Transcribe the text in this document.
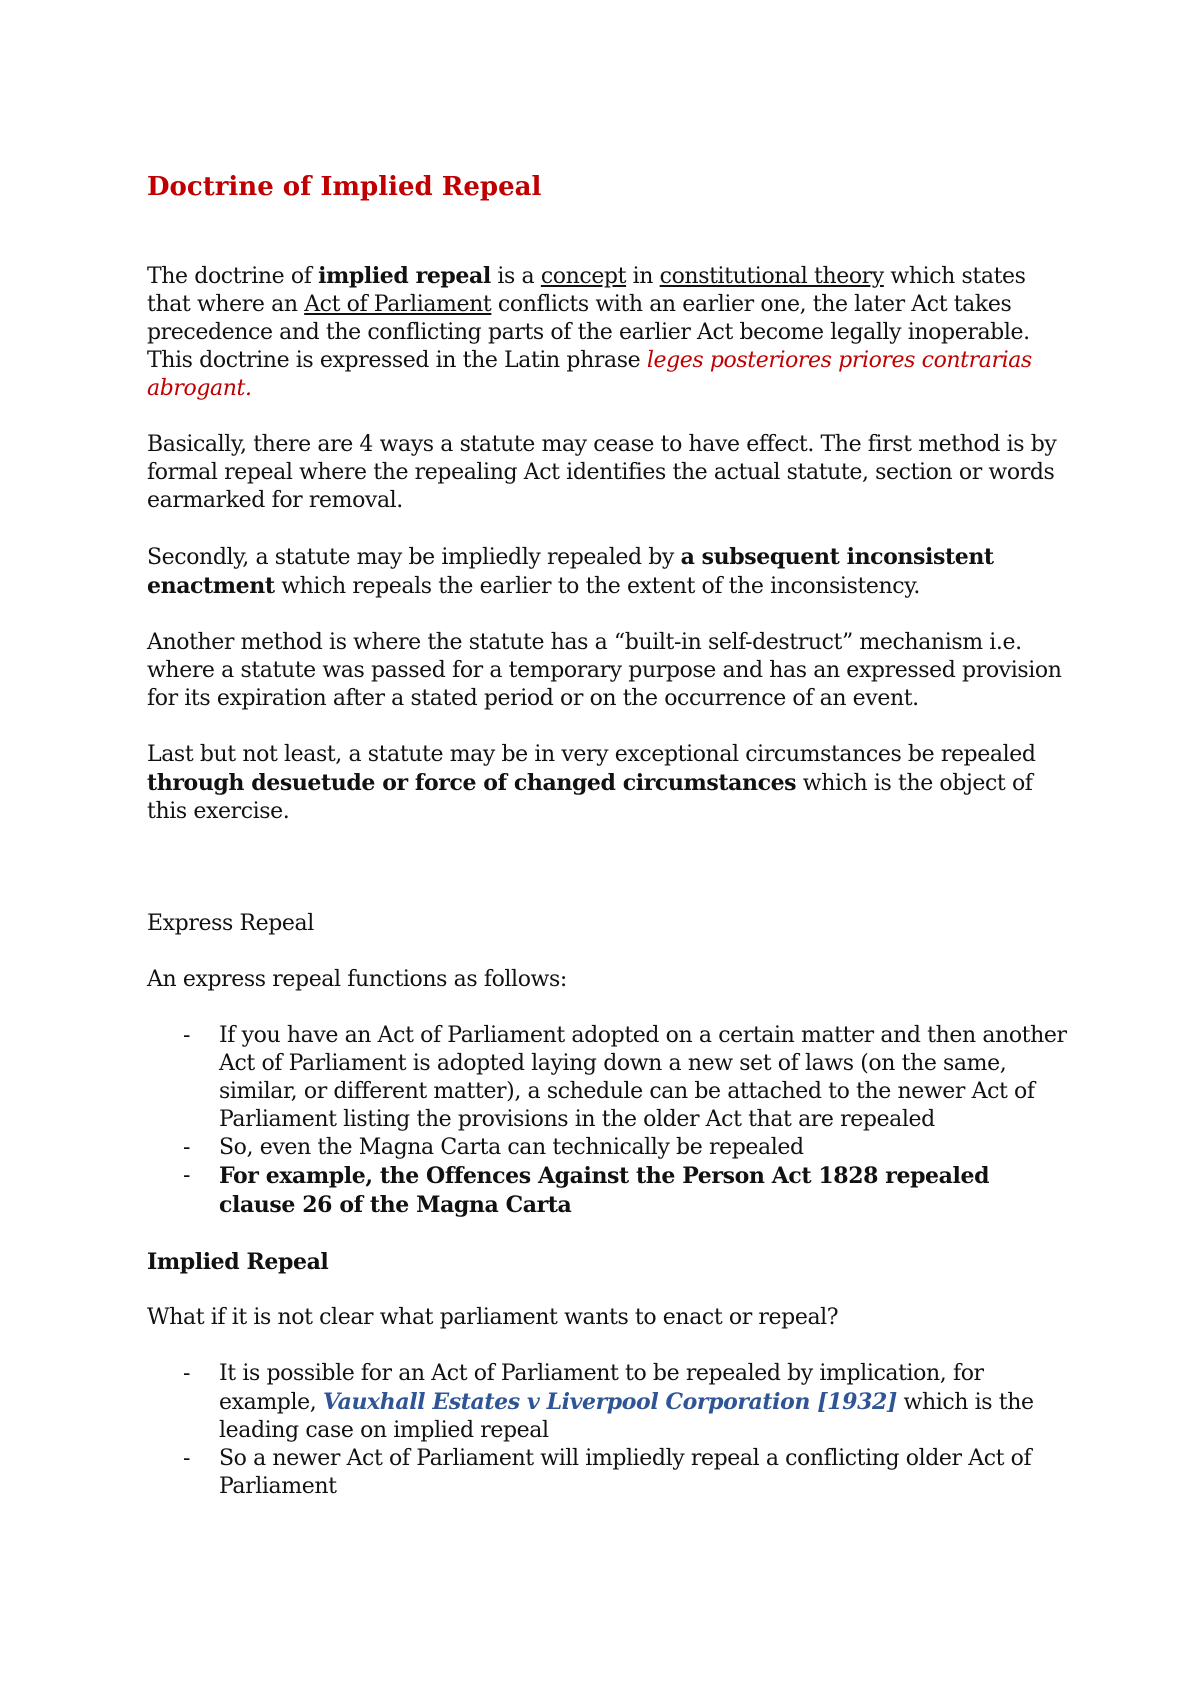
Doctrine of Implied Repeal

The doctrine of implied repeal is a concept in constitutional theory which states that where an Act of Parliament conflicts with an earlier one, the later Act takes precedence and the conflicting parts of the earlier Act become legally inoperable. This doctrine is expressed in the Latin phrase leges posteriores priores contrarias abrogant.

Basically, there are 4 ways a statute may cease to have effect. The first method is by formal repeal where the repealing Act identifies the actual statute, section or words earmarked for removal.

Secondly, a statute may be impliedly repealed by a subsequent inconsistent enactment which repeals the earlier to the extent of the inconsistency.

Another method is where the statute has a “built-in self-destruct” mechanism i.e. where a statute was passed for a temporary purpose and has an expressed provision for its expiration after a stated period or on the occurrence of an event.

Last but not least, a statute may be in very exceptional circumstances be repealed through desuetude or force of changed circumstances which is the object of this exercise.

Express Repeal

An express repeal functions as follows:

- If you have an Act of Parliament adopted on a certain matter and then another Act of Parliament is adopted laying down a new set of laws (on the same, similar, or different matter), a schedule can be attached to the newer Act of Parliament listing the provisions in the older Act that are repealed
- So, even the Magna Carta can technically be repealed
- For example, the Offences Against the Person Act 1828 repealed clause 26 of the Magna Carta
Implied Repeal

What if it is not clear what parliament wants to enact or repeal?

- It is possible for an Act of Parliament to be repealed by implication, for example, Vauxhall Estates v Liverpool Corporation [1932] which is the leading case on implied repeal
- So a newer Act of Parliament will impliedly repeal a conflicting older Act of Parliament
